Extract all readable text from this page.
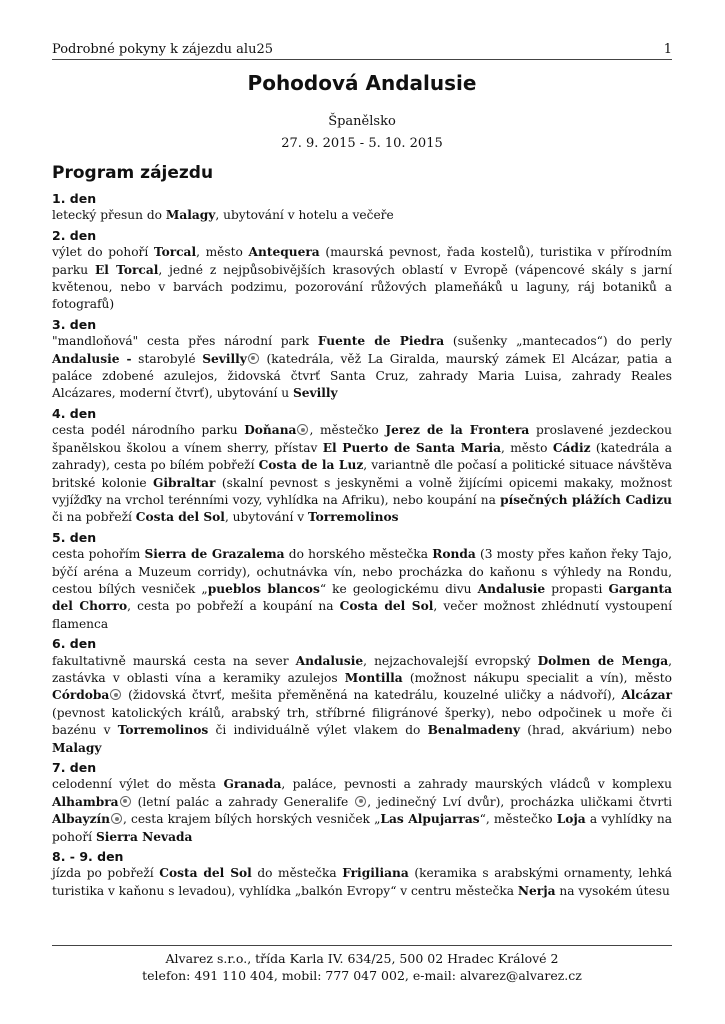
Podrobné pokyny k zájezdu alu25	1
Pohodová Andalusie
Španělsko
27. 9. 2015 - 5. 10. 2015
Program zájezdu
1. den
letecký přesun do Malagy, ubytování v hotelu a večeře
2. den
výlet do pohoří Torcal, město Antequera (maurská pevnost, řada kostelů), turistika v přírodním parku El Torcal, jedné z nejpůsobivějších krasových oblastí v Evropě (vápencové skály s jarní květenou, nebo v barvách podzimu, pozorování růžových plameňáků u laguny, ráj botaniků a fotografů)
3. den
"mandloňová" cesta přes národní park Fuente de Piedra (sušenky „mantecados“) do perly Andalusie - starobylé Sevilly (katedrála, věž La Giralda, maurský zámek El Alcázar, patia a paláce zdobené azulejos, židovská čtvrť Santa Cruz, zahrady Maria Luisa, zahrady Reales Alcázares, moderní čtvrť), ubytování u Sevilly
4. den
cesta podél národního parku Doňana , městečko Jerez de la Frontera proslavené jezdeckou španělskou školou a vínem sherry, přístav El Puerto de Santa Maria, město Cádiz (katedrála a zahrady), cesta po bílém pobřeží Costa de la Luz, variantně dle počasí a politické situace návštěva britské kolonie Gibraltar (skalní pevnost s jeskyněmi a volně žijícími opicemi makaky, možnost vyjížďky na vrchol terénními vozy, vyhlídka na Afriku), nebo koupání na písečných plážích Cadizu či na pobřeží Costa del Sol, ubytování v Torremolinos
5. den
cesta pohořím Sierra de Grazalema do horského městečka Ronda (3 mosty přes kaňon řeky Tajo, býčí aréna a Muzeum corridy), ochutnávka vín, nebo procházka do kaňonu s výhledy na Rondu, cestou bílých vesniček „pueblos blancos“ ke geologickému divu Andalusie propasti Garganta del Chorro, cesta po pobřeží a koupání na Costa del Sol, večer možnost zhlédnutí vystoupení flamenca
6. den
fakultativně maurská cesta na sever Andalusie, nejzachovalejší evropský Dolmen de Menga, zastávka v oblasti vína a keramiky azulejos Montilla (možnost nákupu specialit a vín), město Córdoba (židovská čtvrť, mešita přeměněná na katedrálu, kouzelné uličky a nádvoří), Alcázar (pevnost katolických králů, arabský trh, stříbrné filigránové šperky), nebo odpočinek u moře či bazénu v Torremolinos či individuálně výlet vlakem do Benalmadeny (hrad, akvárium) nebo Malagy
7. den
celodenní výlet do města Granada, paláce, pevnosti a zahrady maurských vládců v komplexu Alhambra (letní palác a zahrady Generalife , jedinečný Lví dvůr), procházka uličkami čtvrti Albayzín , cesta krajem bílých horských vesniček „Las Alpujarras“, městečko Loja a vyhlídky na pohoří Sierra Nevada
8. - 9. den
jízda po pobřeží Costa del Sol do městečka Frigiliana (keramika s arabskými ornamenty, lehká turistika v kaňonu s levadou), vyhlídka „balkón Evropy“ v centru městečka Nerja na vysokém útesu
Alvarez s.r.o., třída Karla IV. 634/25, 500 02 Hradec Králové 2
telefon: 491 110 404, mobil: 777 047 002, e-mail: alvarez@alvarez.cz
